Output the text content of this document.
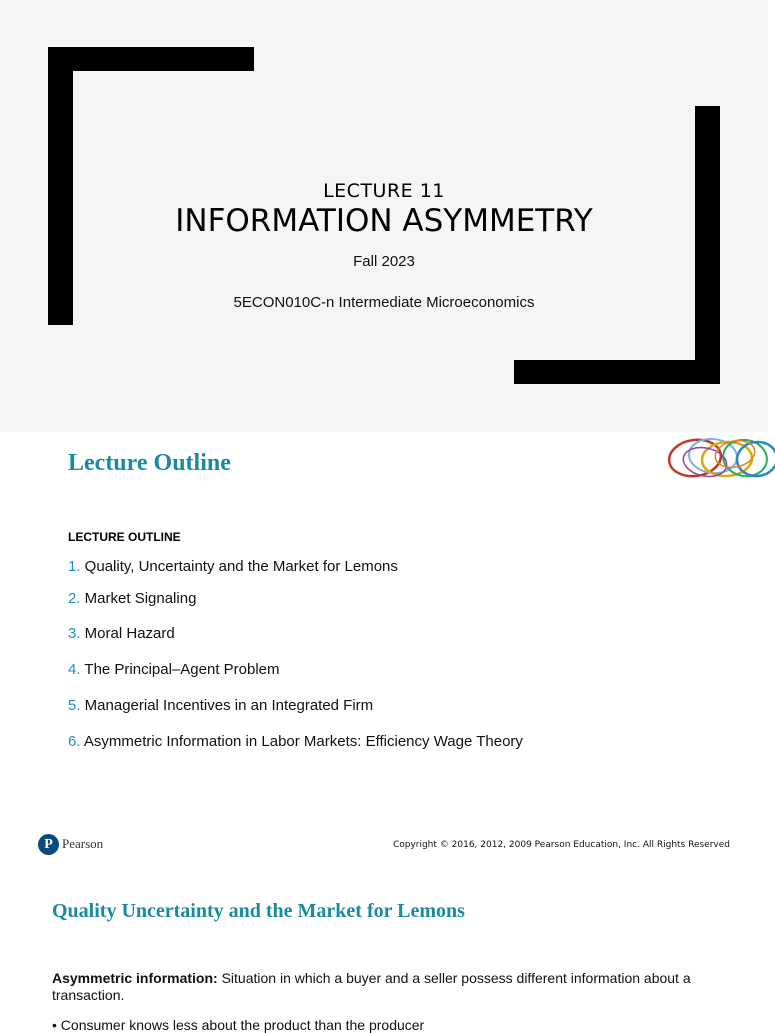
LECTURE 11
INFORMATION ASYMMETRY
Fall 2023
5ECON010C-n Intermediate Microeconomics
Lecture Outline
LECTURE OUTLINE
1. Quality, Uncertainty and the Market for Lemons
2. Market Signaling
3. Moral Hazard
4. The Principal–Agent Problem
5. Managerial Incentives in an Integrated Firm
6. Asymmetric Information in Labor Markets: Efficiency Wage Theory
P Pearson	Copyright © 2016, 2012, 2009 Pearson Education, Inc. All Rights Reserved
Quality Uncertainty and the Market for Lemons
Asymmetric information: Situation in which a buyer and a seller possess different information about a transaction.
• Consumer knows less about the product than the producer
